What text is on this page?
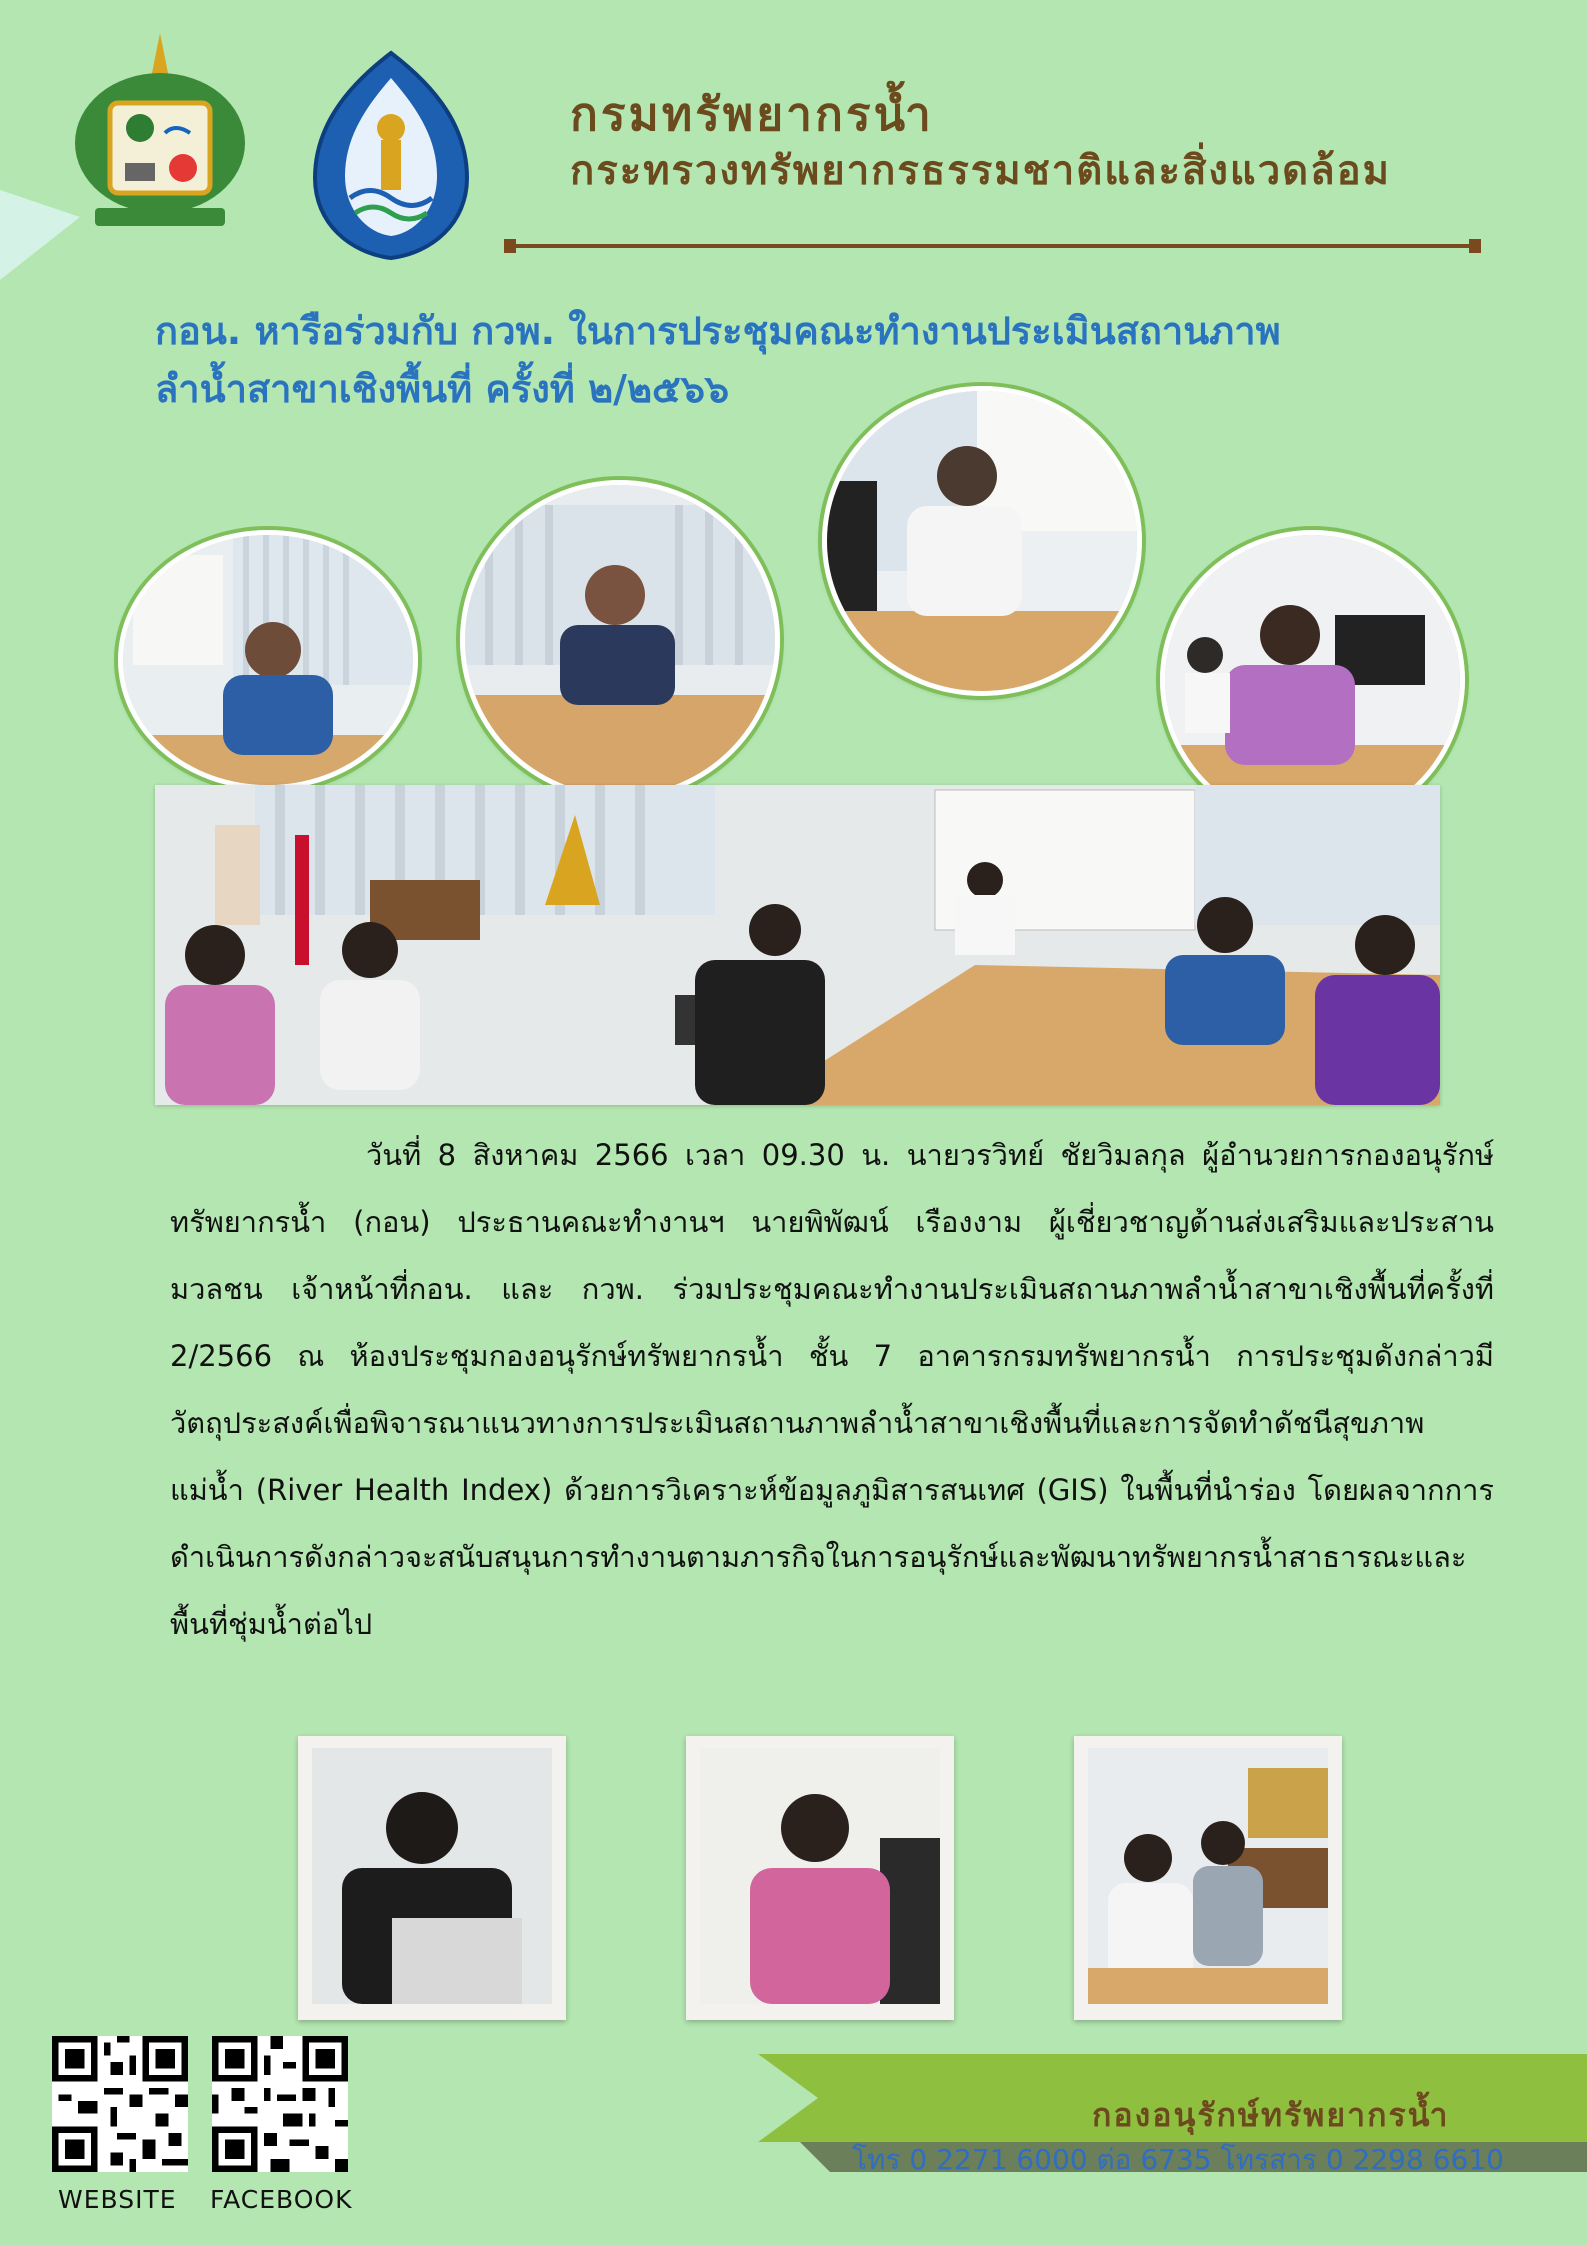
กรมทรัพยากรน้ำ
กระทรวงทรัพยากรธรรมชาติและสิ่งแวดล้อม
กอน. หารือร่วมกับ กวพ. ในการประชุมคณะทำงานประเมินสถานภาพ
ลำน้ำสาขาเชิงพื้นที่ ครั้งที่ ๒/๒๕๖๖

วันที่ 8 สิงหาคม 2566 เวลา 09.30 น. นายวรวิทย์ ชัยวิมลกุล ผู้อำนวยการกองอนุรักษ์ทรัพยากรน้ำ (กอน) ประธานคณะทำงานฯ นายพิพัฒน์ เรืองงาม ผู้เชี่ยวชาญด้านส่งเสริมและประสานมวลชน เจ้าหน้าที่กอน. และ กวพ. ร่วมประชุมคณะทำงานประเมินสถานภาพลำน้ำสาขาเชิงพื้นที่ครั้งที่ 2/2566 ณ ห้องประชุมกองอนุรักษ์ทรัพยากรน้ำ ชั้น 7 อาคารกรมทรัพยากรน้ำ การประชุมดังกล่าวมีวัตถุประสงค์เพื่อพิจารณาแนวทางการประเมินสถานภาพลำน้ำสาขาเชิงพื้นที่และการจัดทำดัชนีสุขภาพแม่น้ำ (River Health Index) ด้วยการวิเคราะห์ข้อมูลภูมิสารสนเทศ (GIS) ในพื้นที่นำร่อง โดยผลจากการดำเนินการดังกล่าวจะสนับสนุนการทำงานตามภารกิจในการอนุรักษ์และพัฒนาทรัพยากรน้ำสาธารณะและพื้นที่ชุ่มน้ำต่อไป

WEBSITE FACEBOOK
กองอนุรักษ์ทรัพยากรน้ำ
โทร 0 2271 6000 ต่อ 6735 โทรสาร 0 2298 6610
